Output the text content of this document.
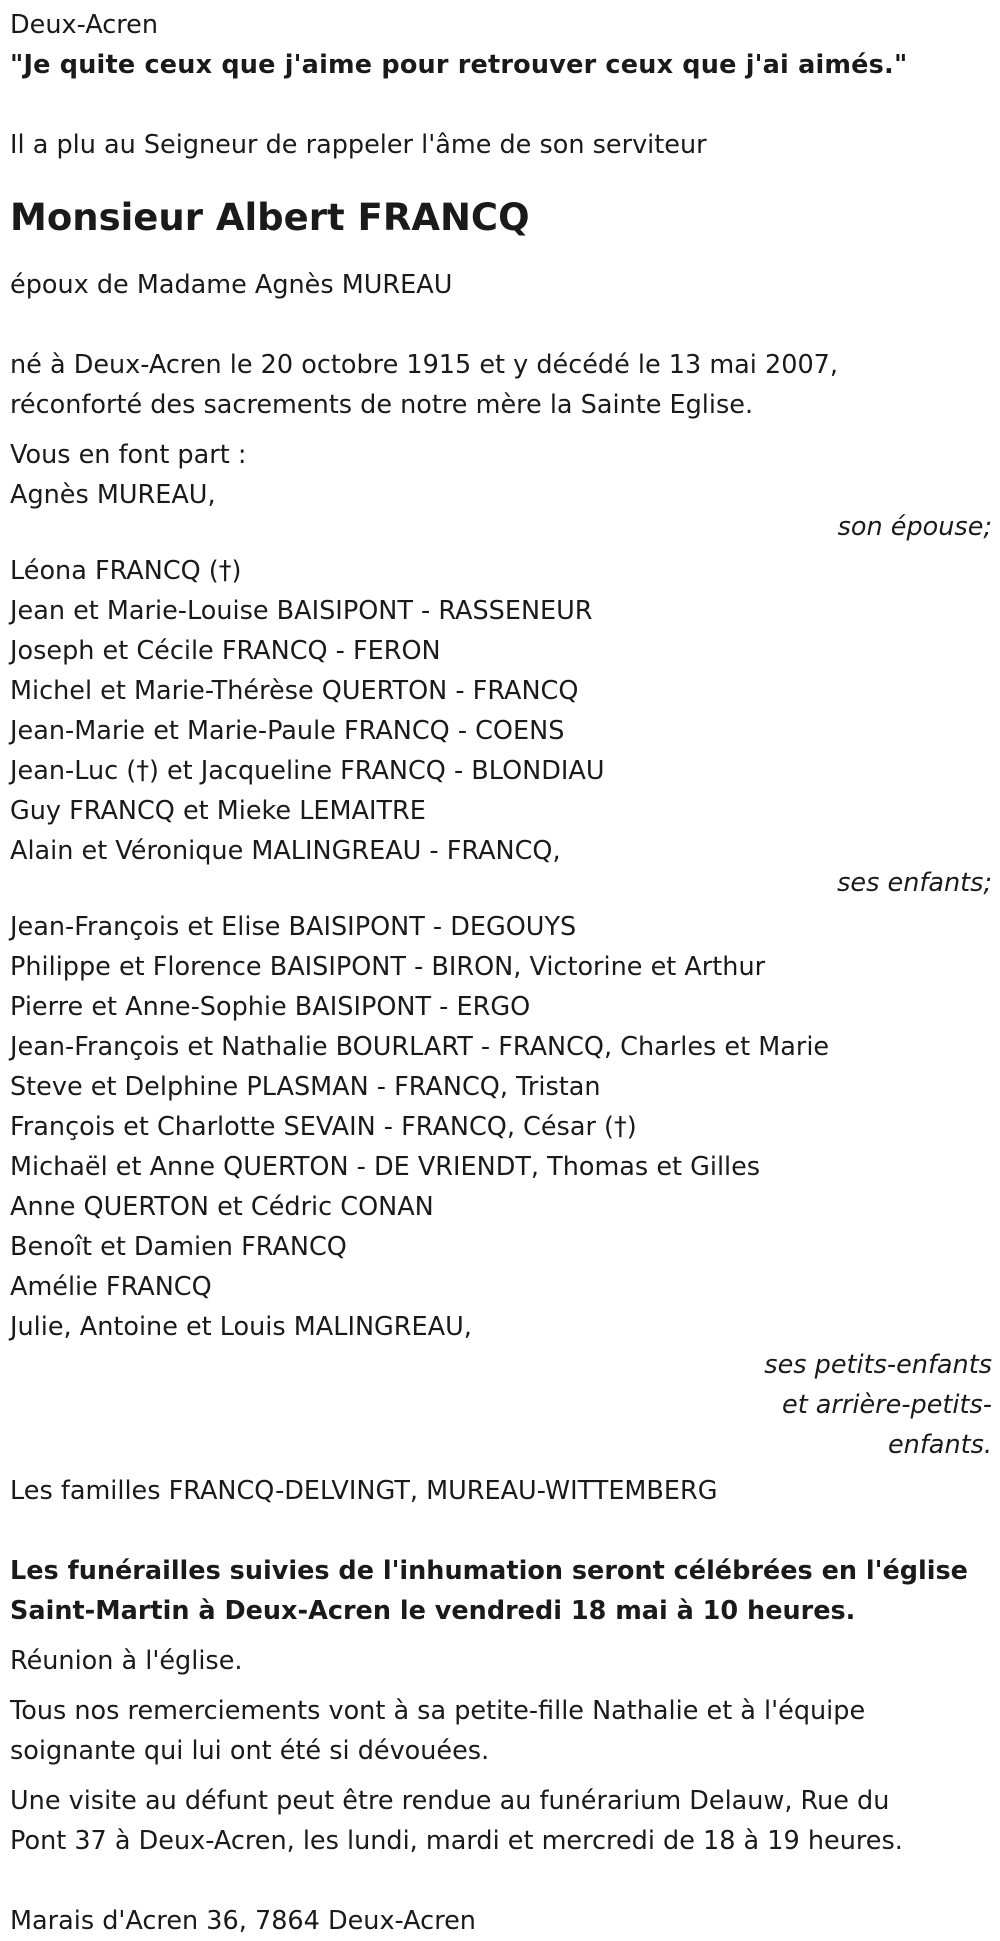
Deux-Acren
"Je quite ceux que j'aime pour retrouver ceux que j'ai aimés."
Il a plu au Seigneur de rappeler l'âme de son serviteur
Monsieur Albert FRANCQ
époux de Madame Agnès MUREAU
né à Deux-Acren le 20 octobre 1915 et y décédé le 13 mai 2007,
réconforté des sacrements de notre mère la Sainte Eglise.
Vous en font part :
Agnès MUREAU,
son épouse;
Léona FRANCQ (†)
Jean et Marie-Louise BAISIPONT - RASSENEUR
Joseph et Cécile FRANCQ - FERON
Michel et Marie-Thérèse QUERTON - FRANCQ
Jean-Marie et Marie-Paule FRANCQ - COENS
Jean-Luc (†) et Jacqueline FRANCQ - BLONDIAU
Guy FRANCQ et Mieke LEMAITRE
Alain et Véronique MALINGREAU - FRANCQ,
ses enfants;
Jean-François et Elise BAISIPONT - DEGOUYS
Philippe et Florence BAISIPONT - BIRON, Victorine et Arthur
Pierre et Anne-Sophie BAISIPONT - ERGO
Jean-François et Nathalie BOURLART - FRANCQ, Charles et Marie
Steve et Delphine PLASMAN - FRANCQ, Tristan
François et Charlotte SEVAIN - FRANCQ, César (†)
Michaël et Anne QUERTON - DE VRIENDT, Thomas et Gilles
Anne QUERTON et Cédric CONAN
Benoît et Damien FRANCQ
Amélie FRANCQ
Julie, Antoine et Louis MALINGREAU,
ses petits-enfants
et arrière-petits-
enfants.
Les familles FRANCQ-DELVINGT, MUREAU-WITTEMBERG
Les funérailles suivies de l'inhumation seront célébrées en l'église
Saint-Martin à Deux-Acren le vendredi 18 mai à 10 heures.
Réunion à l'église.
Tous nos remerciements vont à sa petite-fille Nathalie et à l'équipe
soignante qui lui ont été si dévouées.
Une visite au défunt peut être rendue au funérarium Delauw, Rue du
Pont 37 à Deux-Acren, les lundi, mardi et mercredi de 18 à 19 heures.
Marais d'Acren 36, 7864 Deux-Acren
